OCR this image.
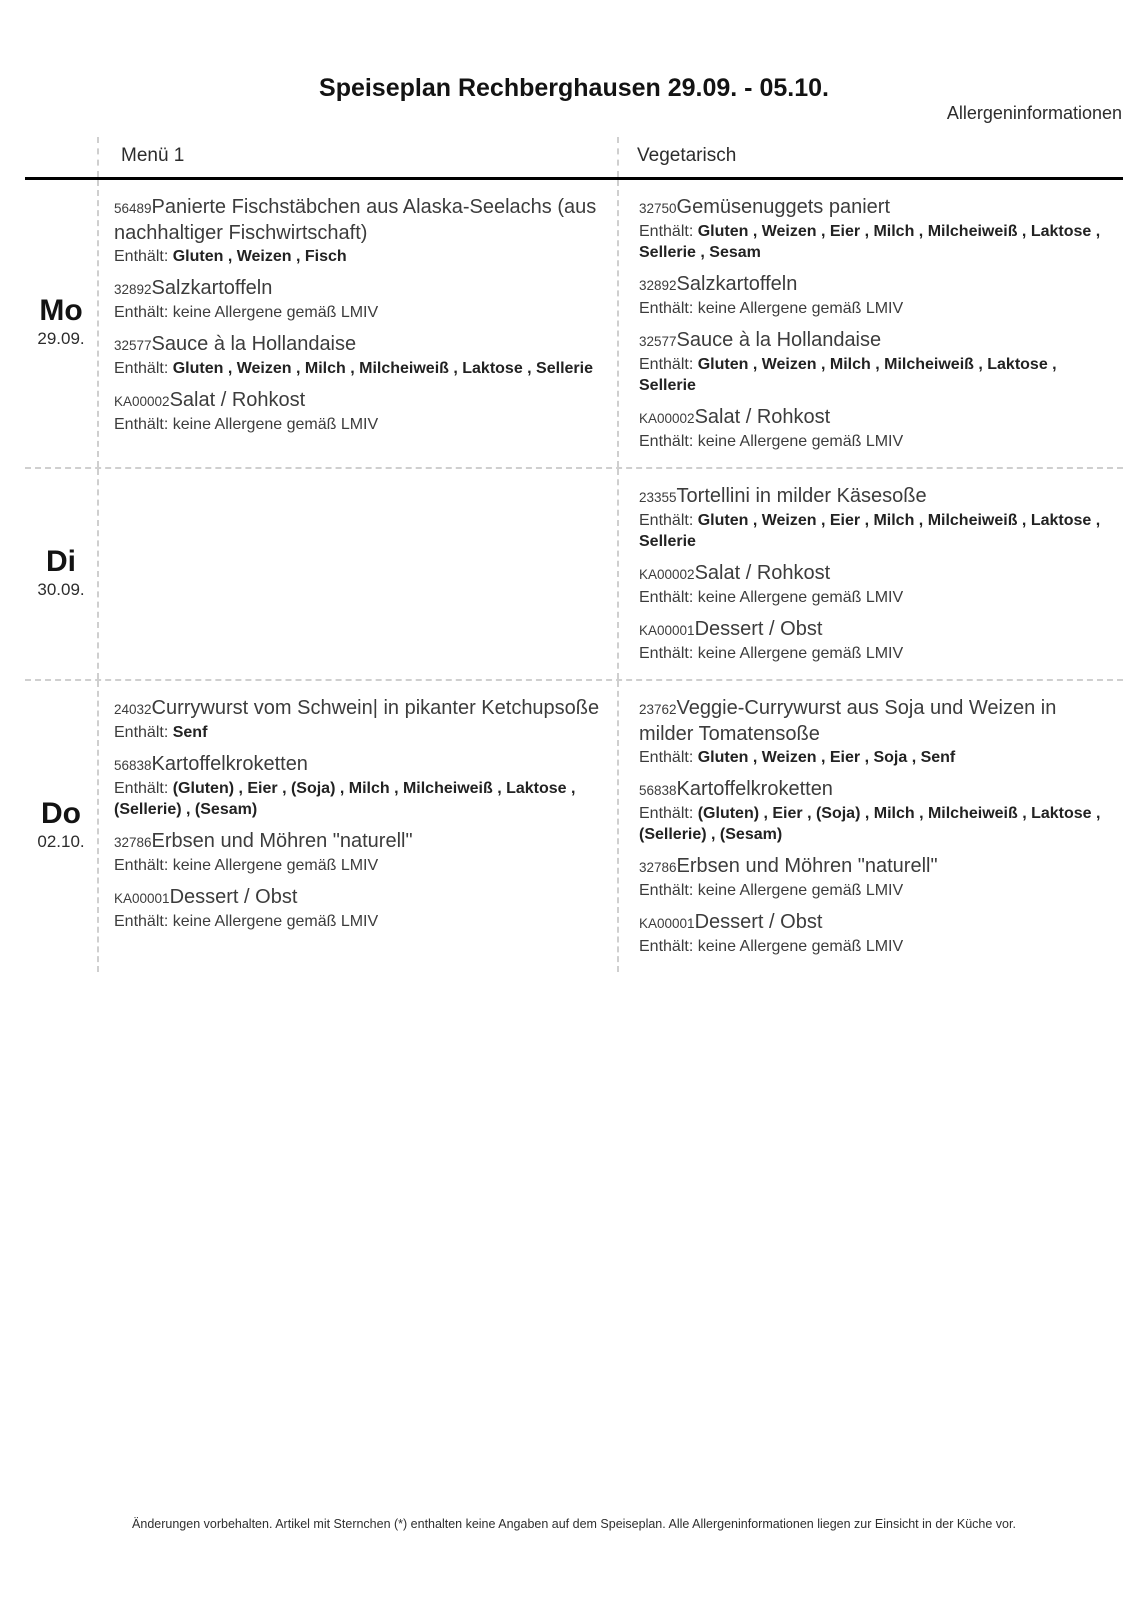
Speiseplan Rechberghausen 29.09. - 05.10.
Allergeninformationen
Menü 1	Vegetarisch
Mo
29.09.
56489Panierte Fischstäbchen aus Alaska-Seelachs (aus nachhaltiger Fischwirtschaft)
Enthält: Gluten , Weizen , Fisch
32892Salzkartoffeln
Enthält: keine Allergene gemäß LMIV
32577Sauce à la Hollandaise
Enthält: Gluten , Weizen , Milch , Milcheiweiß , Laktose , Sellerie
KA00002Salat / Rohkost
Enthält: keine Allergene gemäß LMIV
32750Gemüsenuggets paniert
Enthält: Gluten , Weizen , Eier , Milch , Milcheiweiß , Laktose , Sellerie , Sesam
32892Salzkartoffeln
Enthält: keine Allergene gemäß LMIV
32577Sauce à la Hollandaise
Enthält: Gluten , Weizen , Milch , Milcheiweiß , Laktose , Sellerie
KA00002Salat / Rohkost
Enthält: keine Allergene gemäß LMIV
Di
30.09.
23355Tortellini in milder Käsesoße
Enthält: Gluten , Weizen , Eier , Milch , Milcheiweiß , Laktose , Sellerie
KA00002Salat / Rohkost
Enthält: keine Allergene gemäß LMIV
KA00001Dessert / Obst
Enthält: keine Allergene gemäß LMIV
Do
02.10.
24032Currywurst vom Schwein| in pikanter Ketchupsoße
Enthält: Senf
56838Kartoffelkroketten
Enthält: (Gluten) , Eier , (Soja) , Milch , Milcheiweiß , Laktose , (Sellerie) , (Sesam)
32786Erbsen und Möhren "naturell"
Enthält: keine Allergene gemäß LMIV
KA00001Dessert / Obst
Enthält: keine Allergene gemäß LMIV
23762Veggie-Currywurst aus Soja und Weizen in milder Tomatensoße
Enthält: Gluten , Weizen , Eier , Soja , Senf
56838Kartoffelkroketten
Enthält: (Gluten) , Eier , (Soja) , Milch , Milcheiweiß , Laktose , (Sellerie) , (Sesam)
32786Erbsen und Möhren "naturell"
Enthält: keine Allergene gemäß LMIV
KA00001Dessert / Obst
Enthält: keine Allergene gemäß LMIV
Änderungen vorbehalten. Artikel mit Sternchen (*) enthalten keine Angaben auf dem Speiseplan. Alle Allergeninformationen liegen zur Einsicht in der Küche vor.
